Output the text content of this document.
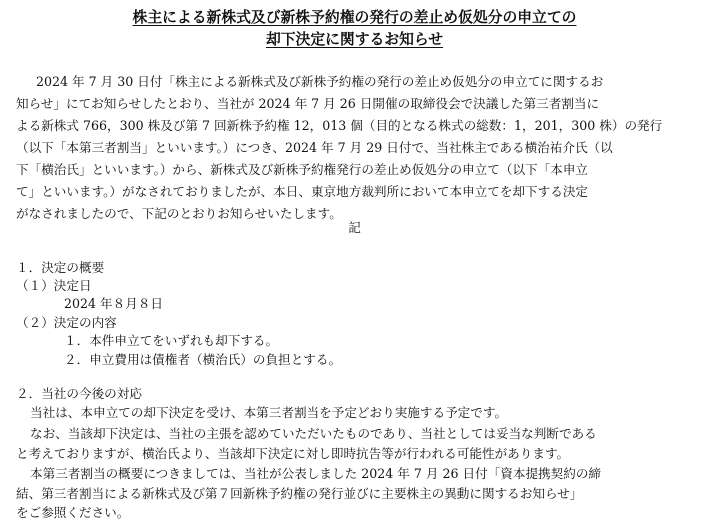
株主による新株式及び新株予約権の発行の差止め仮処分の申立ての
却下決定に関するお知らせ
2024 年 7 月 30 日付「株主による新株式及び新株予約権の発行の差止め仮処分の申立てに関するお
知らせ」にてお知らせしたとおり、当社が 2024 年 7 月 26 日開催の取締役会で決議した第三者割当に
よる新株式 766，300 株及び第 7 回新株予約権 12，013 個（目的となる株式の総数：1，201，300 株）の発行
（以下「本第三者割当」といいます。）につき、2024 年 7 月 29 日付で、当社株主である横治祐介氏（以
下「横治氏」といいます。）から、新株式及び新株予約権発行の差止め仮処分の申立て（以下「本申立
て」といいます。）がなされておりましたが、本日、東京地方裁判所において本申立てを却下する決定
がなされましたので、下記のとおりお知らせいたします。
記
１．決定の概要
（１）決定日
2024 年８月８日
（２）決定の内容
１．本件申立てをいずれも却下する。
２．申立費用は債権者（横治氏）の負担とする。
２．当社の今後の対応
当社は、本申立ての却下決定を受け、本第三者割当を予定どおり実施する予定です。
なお、当該却下決定は、当社の主張を認めていただいたものであり、当社としては妥当な判断である
と考えておりますが、横治氏より、当該却下決定に対し即時抗告等が行われる可能性があります。
本第三者割当の概要につきましては、当社が公表しました 2024 年 7 月 26 日付「資本提携契約の締
結、第三者割当による新株式及び第７回新株予約権の発行並びに主要株主の異動に関するお知らせ」
をご参照ください。
